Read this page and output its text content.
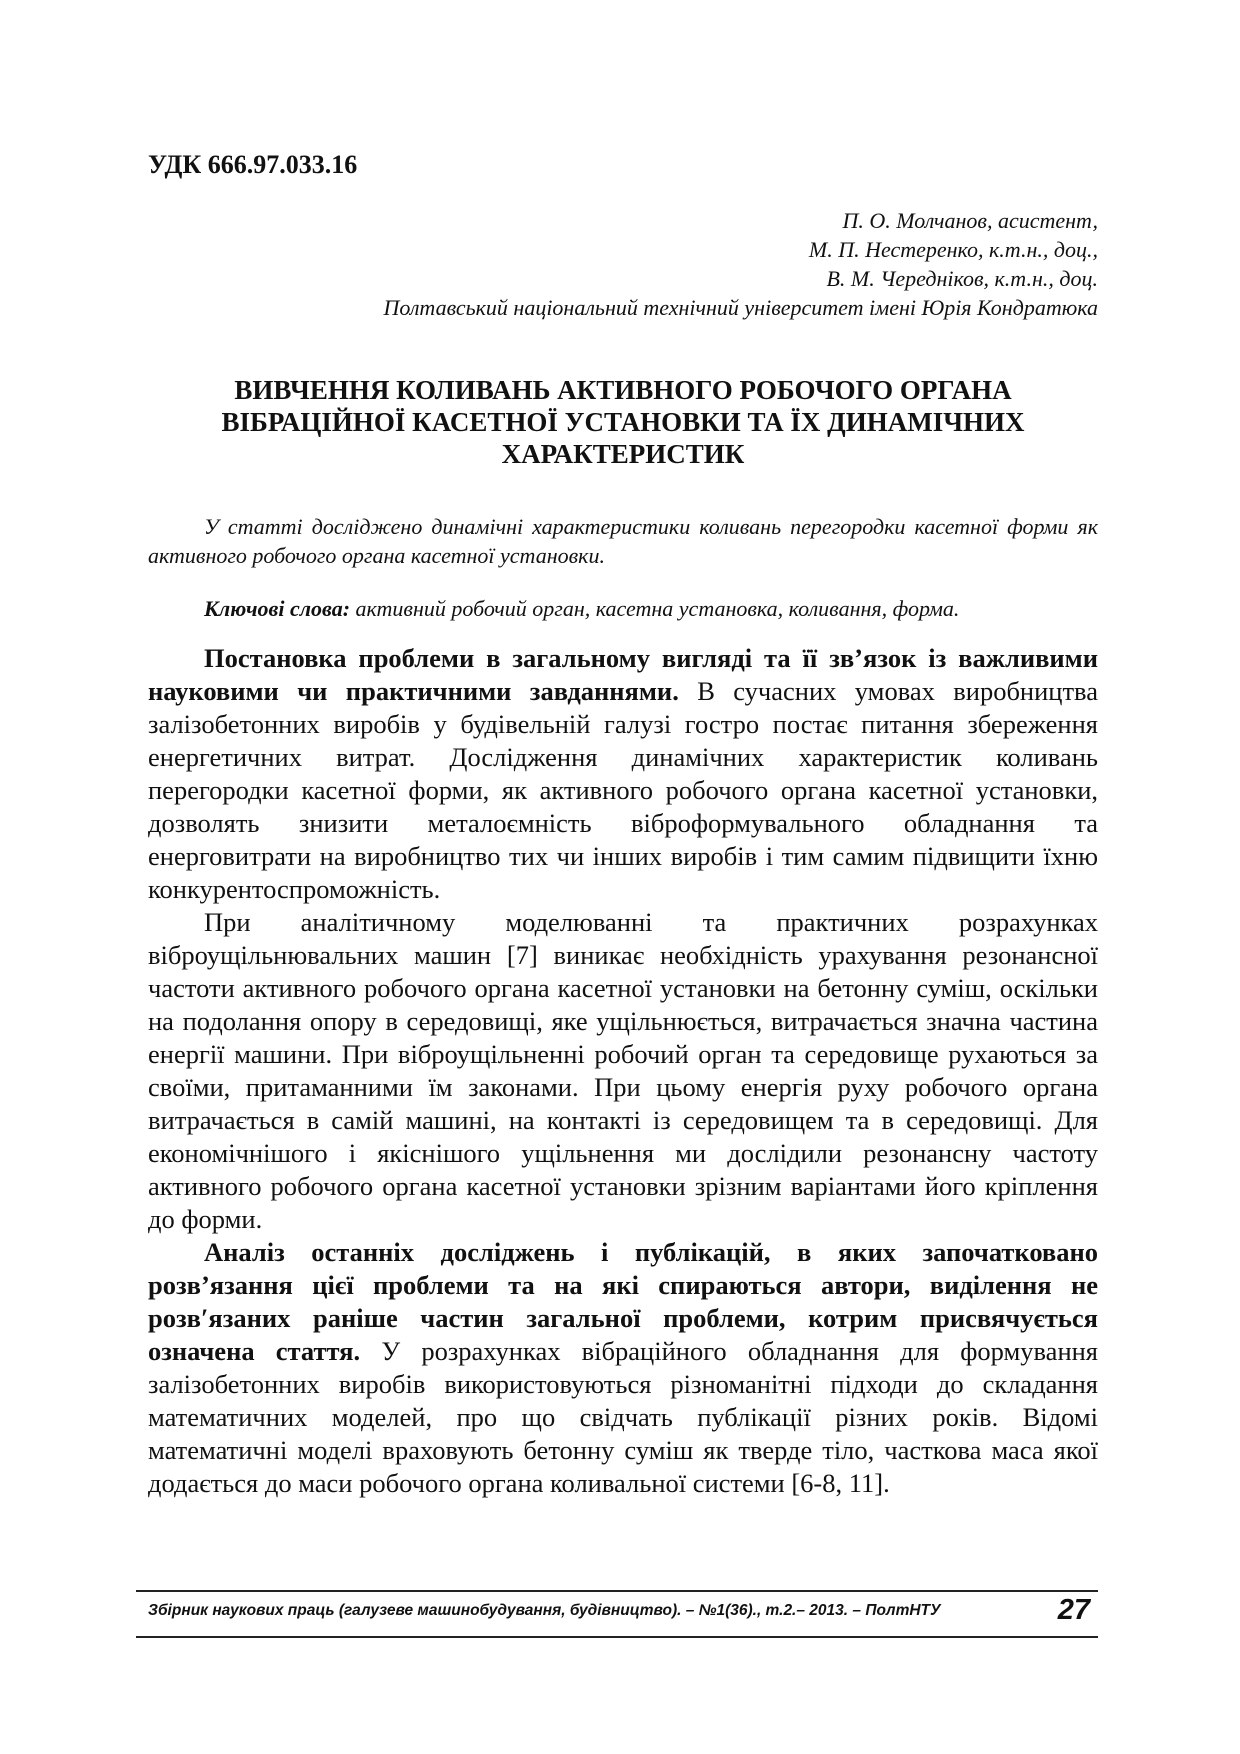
УДК 666.97.033.16
П. О. Молчанов, асистент,
М. П. Нестеренко, к.т.н., доц.,
В. М. Чередніков, к.т.н., доц.
Полтавський національний технічний університет імені Юрія Кондратюка
ВИВЧЕННЯ КОЛИВАНЬ АКТИВНОГО РОБОЧОГО ОРГАНА
ВІБРАЦІЙНОЇ КАСЕТНОЇ УСТАНОВКИ ТА ЇХ ДИНАМІЧНИХ
ХАРАКТЕРИСТИК

У статті досліджено динамічні характеристики коливань перегородки касетної форми як активного робочого органа касетної установки.

Ключові слова: активний робочий орган, касетна установка, коливання, форма.

Постановка проблеми в загальному вигляді та її зв’язок із важливими науковими чи практичними завданнями. В сучасних умовах виробництва залізобетонних виробів у будівельній галузі гостро постає питання збереження енергетичних витрат. Дослідження динамічних характеристик коливань перегородки касетної форми, як активного робочого органа касетної установки, дозволять знизити металоємність віброформувального обладнання та енерговитрати на виробництво тих чи інших виробів і тим самим підвищити їхню конкурентоспроможність.

При аналітичному моделюванні та практичних розрахунках віброущільнювальних машин [7] виникає необхідність урахування резонансної частоти активного робочого органа касетної установки на бетонну суміш, оскільки на подолання опору в середовищі, яке ущільнюється, витрачається значна частина енергії машини. При віброущільненні робочий орган та середовище рухаються за своїми, притаманними їм законами. При цьому енергія руху робочого органа витрачається в самій машині, на контакті із середовищем та в середовищі. Для економічнішого і якіснішого ущільнення ми дослідили резонансну частоту активного робочого органа касетної установки зрізним варіантами його кріплення до форми.

Аналіз останніх досліджень і публікацій, в яких започатковано розв’язання цієї проблеми та на які спираються автори, виділення не розв′язаних раніше частин загальної проблеми, котрим присвячується означена стаття. У розрахунках вібраційного обладнання для формування залізобетонних виробів використовуються різноманітні підходи до складання математичних моделей, про що свідчать публікації різних років. Відомі математичні моделі враховують бетонну суміш як тверде тіло, часткова маса якої додається до маси робочого органа коливальної системи [6-8, 11].

Збірник наукових праць (галузеве машинобудування, будівництво). – №1(36)., т.2.– 2013. – ПолтНТУ	27
